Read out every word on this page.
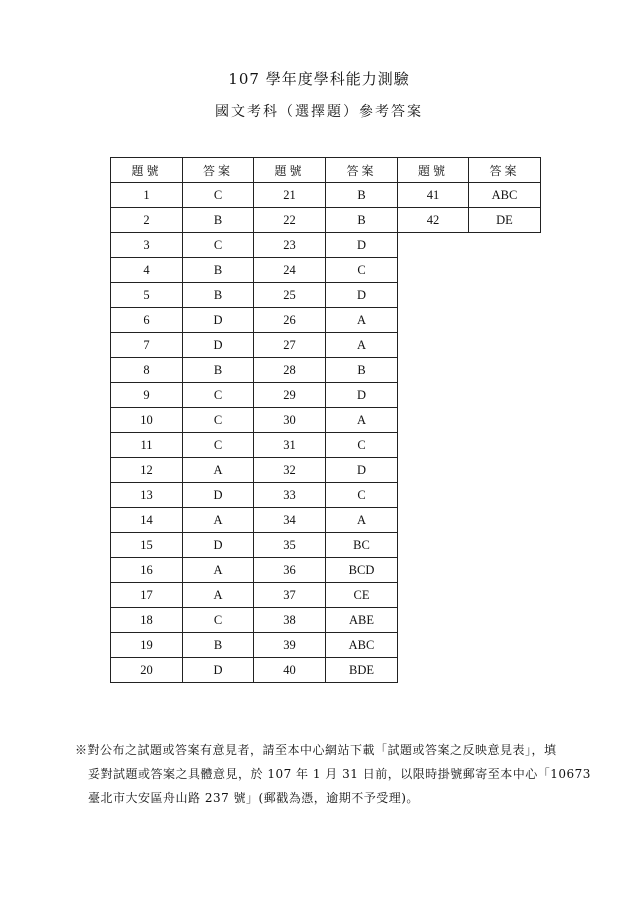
107 學年度學科能力測驗
國文考科（選擇題）參考答案
題號	答案	題號	答案	題號	答案
1	C	21	B	41	ABC
2	B	22	B	42	DE
3	C	23	D		
4	B	24	C		
5	B	25	D		
6	D	26	A		
7	D	27	A		
8	B	28	B		
9	C	29	D		
10	C	30	A		
11	C	31	C		
12	A	32	D		
13	D	33	C		
14	A	34	A		
15	D	35	BC		
16	A	36	BCD		
17	A	37	CE		
18	C	38	ABE		
19	B	39	ABC		
20	D	40	BDE		
※對公布之試題或答案有意見者，請至本中心網站下載「試題或答案之反映意見表」，填
妥對試題或答案之具體意見，於 107 年 1 月 31 日前，以限時掛號郵寄至本中心「10673
臺北市大安區舟山路 237 號」(郵戳為憑，逾期不予受理)。
